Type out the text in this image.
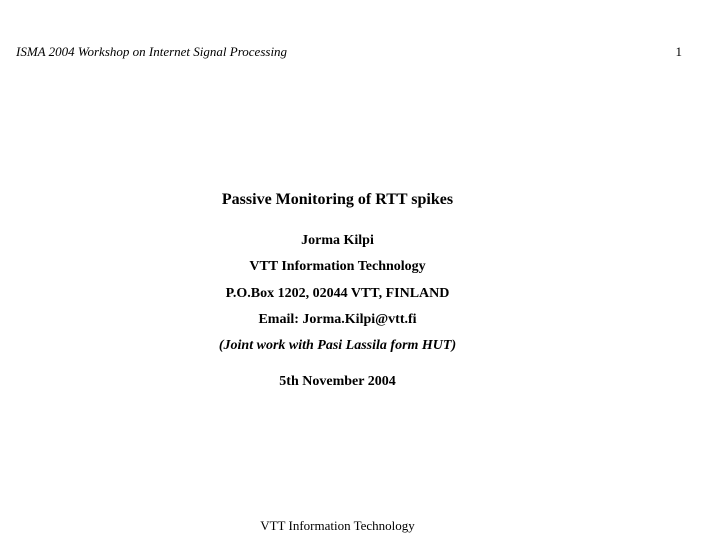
ISMA 2004 Workshop on Internet Signal Processing	1
Passive Monitoring of RTT spikes
Jorma Kilpi
VTT Information Technology
P.O.Box 1202, 02044 VTT, FINLAND
Email: Jorma.Kilpi@vtt.fi
(Joint work with Pasi Lassila form HUT)
5th November 2004
VTT Information Technology
